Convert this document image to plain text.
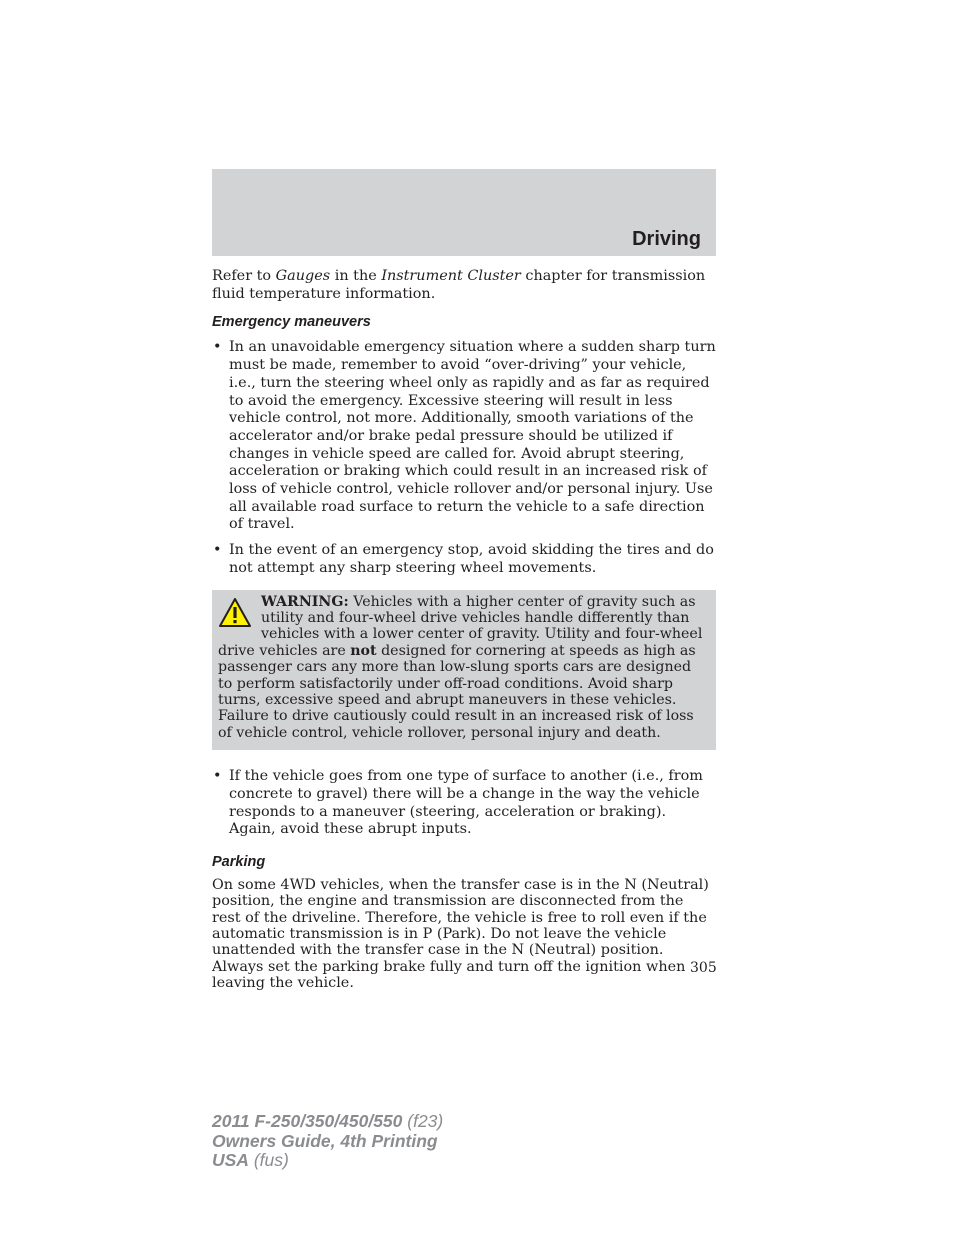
Driving

Refer to Gauges in the Instrument Cluster chapter for transmission fluid temperature information.

Emergency maneuvers
• In an unavoidable emergency situation where a sudden sharp turn must be made, remember to avoid “over-driving” your vehicle, i.e., turn the steering wheel only as rapidly and as far as required to avoid the emergency. Excessive steering will result in less vehicle control, not more. Additionally, smooth variations of the accelerator and/or brake pedal pressure should be utilized if changes in vehicle speed are called for. Avoid abrupt steering, acceleration or braking which could result in an increased risk of loss of vehicle control, vehicle rollover and/or personal injury. Use all available road surface to return the vehicle to a safe direction of travel.
• In the event of an emergency stop, avoid skidding the tires and do not attempt any sharp steering wheel movements.
WARNING: Vehicles with a higher center of gravity such as utility and four-wheel drive vehicles handle differently than vehicles with a lower center of gravity. Utility and four-wheel drive vehicles are not designed for cornering at speeds as high as passenger cars any more than low-slung sports cars are designed to perform satisfactorily under off-road conditions. Avoid sharp turns, excessive speed and abrupt maneuvers in these vehicles. Failure to drive cautiously could result in an increased risk of loss of vehicle control, vehicle rollover, personal injury and death.
• If the vehicle goes from one type of surface to another (i.e., from concrete to gravel) there will be a change in the way the vehicle responds to a maneuver (steering, acceleration or braking). Again, avoid these abrupt inputs.
Parking

On some 4WD vehicles, when the transfer case is in the N (Neutral) position, the engine and transmission are disconnected from the rest of the driveline. Therefore, the vehicle is free to roll even if the automatic transmission is in P (Park). Do not leave the vehicle unattended with the transfer case in the N (Neutral) position. Always set the parking brake fully and turn off the ignition when leaving the vehicle.

305
2011 F-250/350/450/550 (f23)
Owners Guide, 4th Printing
USA (fus)
